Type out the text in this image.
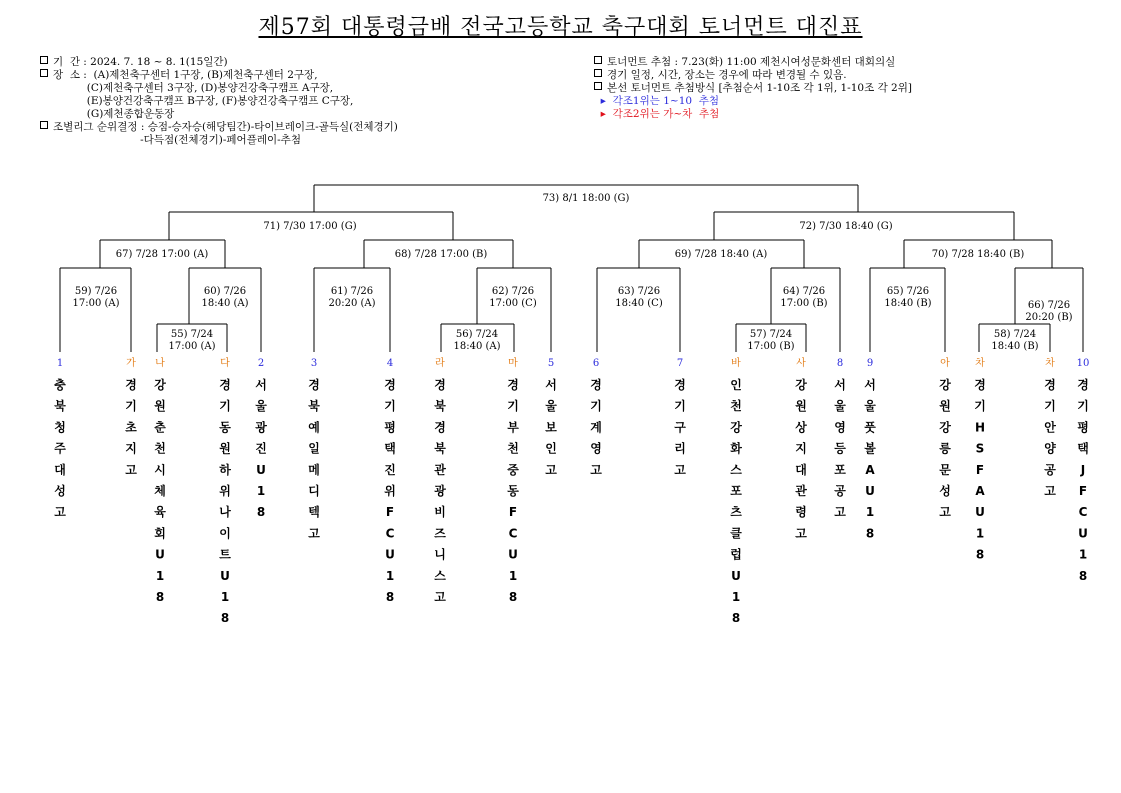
제57회 대통령금배 전국고등학교 축구대회 토너먼트 대진표
기  간 : 2024. 7. 18 ~ 8. 1(15일간)
장  소 :  (A)제천축구센터 1구장, (B)제천축구센터 2구장,
(C)제천축구센터 3구장, (D)봉양건강축구캠프 A구장,
(E)봉양건강축구캠프 B구장, (F)봉양건강축구캠프 C구장,
(G)제천종합운동장
조별리그 순위결정 : 승점-승자승(해당팀간)-타이브레이크-골득실(전체경기)
-다득점(전체경기)-페어플레이-추첨
토너먼트 추첨 : 7.23(화) 11:00 제천시여성문화센터 대회의실
경기 일정, 시간, 장소는 경우에 따라 변경될 수 있음.
본선 토너먼트 추첨방식 [추첨순서 1-10조 각 1위, 1-10조 각 2위]
▸  각조1위는 1~10  추첨
▸  각조2위는 가~차  추첨
55) 7/24
17:00 (A)
56) 7/24
18:40 (A)
57) 7/24
17:00 (B)
58) 7/24
18:40 (B)
59) 7/26
17:00 (A)
60) 7/26
18:40 (A)
61) 7/26
20:20 (A)
62) 7/26
17:00 (C)
63) 7/26
18:40 (C)
64) 7/26
17:00 (B)
65) 7/26
18:40 (B)	66) 7/26
20:20 (B)
67) 7/28 17:00 (A)	68) 7/28 17:00 (B)	69) 7/28 18:40 (A)	70) 7/28 18:40 (B)
71) 7/30 17:00 (G)	72) 7/30 18:40 (G)
73) 8/1 18:00 (G)
1
충 북 청 주 대 성 고
가
경 기 초 지 고
나
강 원 춘 천 시 체 육 회 U 1 8
다
경 기 동 원 하 위 나 이 트 U 1 8
2
서 울 광 진 U 1 8
3
경 북 예 일 메 디 텍 고
4
경 기 평 택 진 위 F C U 1 8
라
경 북 경 북 관 광 비 즈 니 스 고
마
경 기 부 천 중 동 F C U 1 8
5
서 울 보 인 고
6
경 기 계 영 고
7
경 기 구 리 고
바
인 천 강 화 스 포 츠 클 럽 U 1 8
사
강 원 상 지 대 관 령 고
8
서 울 영 등 포 공 고
9
서 울 풋 볼 A U 1 8
아
강 원 강 릉 문 성 고
차
경 기 H S F A U 1 8
차
경 기 안 양 공 고
10
경 기 평 택 J F C U 1 8
